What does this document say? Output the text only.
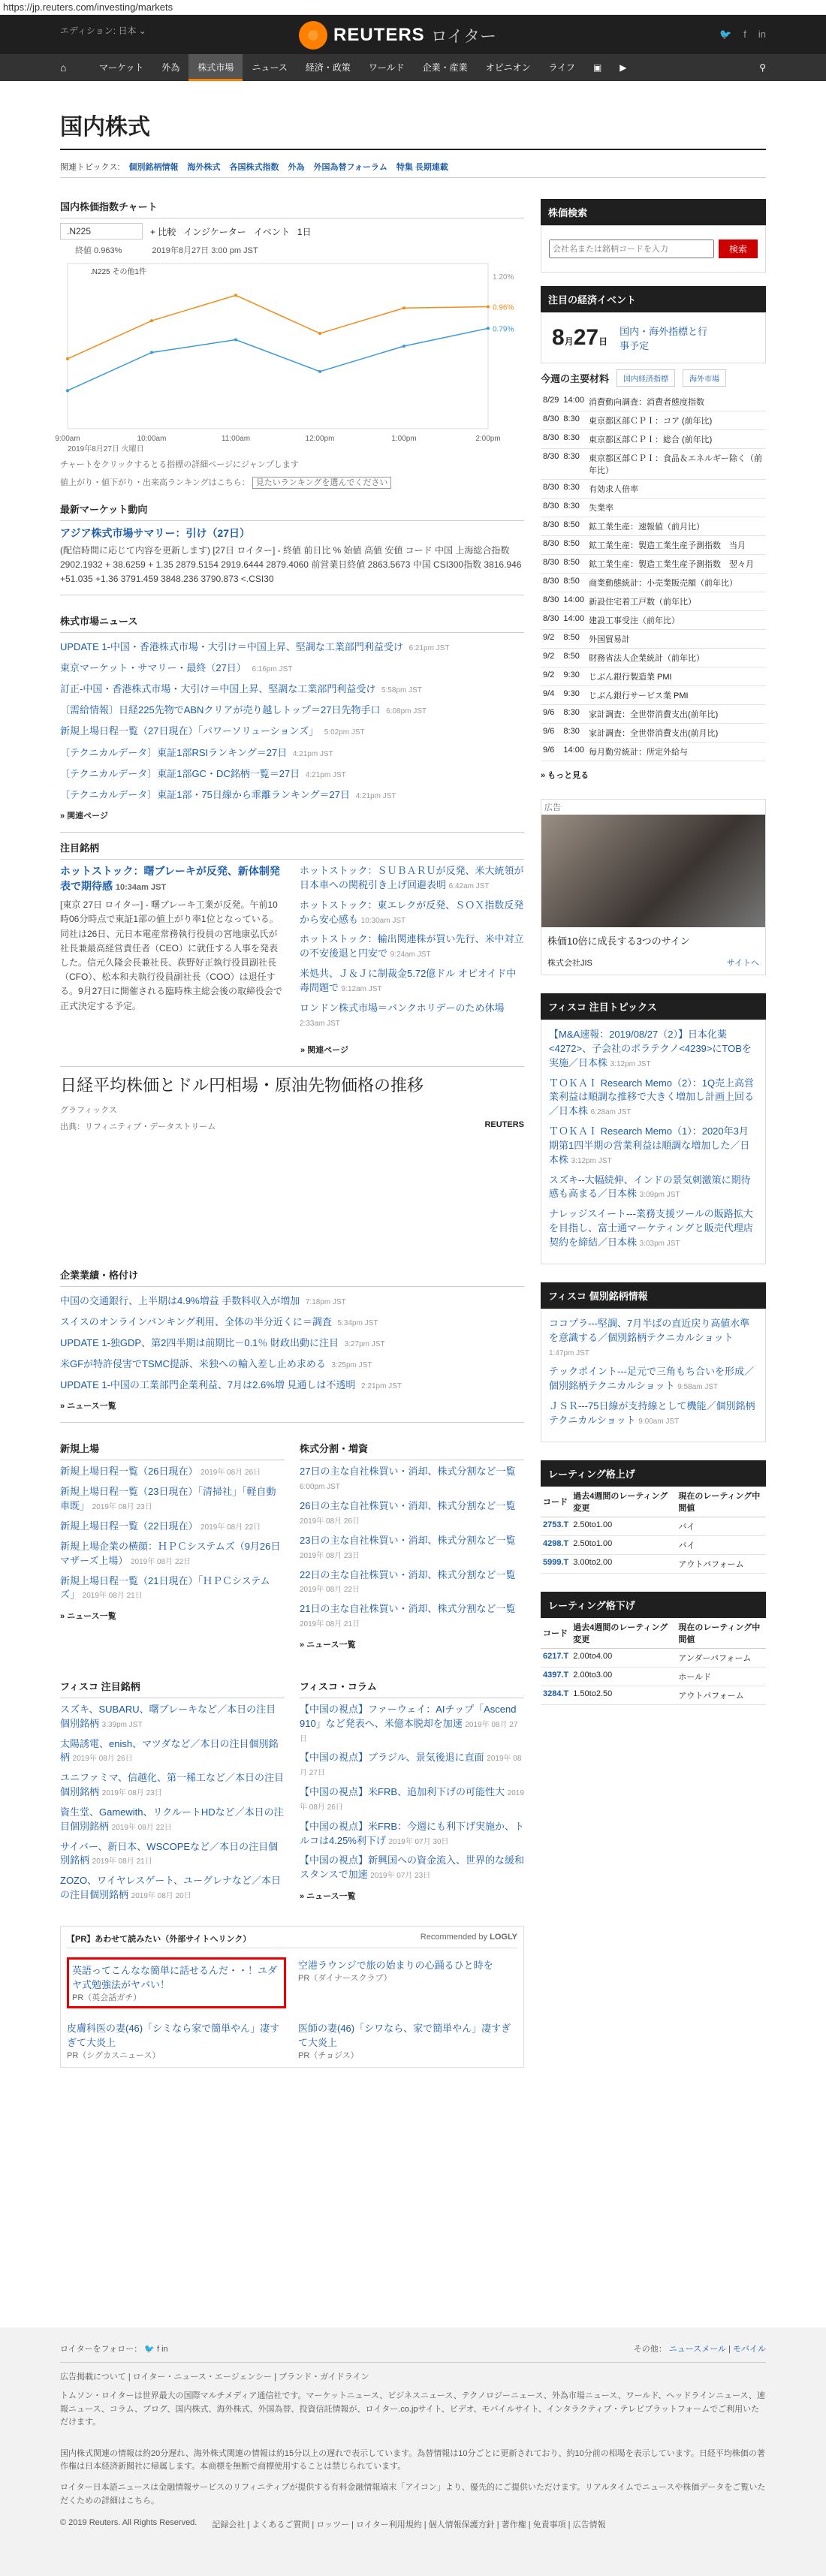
https://jp.reuters.com/investing/markets
エディション: 日本 ⌄	REUTERS ロイター	🐦 f in
⌂	マーケット	外為	株式市場	ニュース	経済・政策	ワールド	企業・産業	オピニオン	ライフ	▣	▶	⚲
国内株式
関連トピックス: 個別銘柄情報 海外株式 各国株式指数 外為 外国為替フォーラム 特集 長期連載
国内株価指数チャート
.N225	+ 比較 インジケーター イベント 1日
終値 0.963%	2019年8月27日 3:00 pm JST
9:00am	10:00am	11:00am	12:00pm	1:00pm	2:00pm
1.20%
0.96%
0.79%
.N225 その他1件
2019年8月27日 火曜日
チャートをクリックするとる指標の詳細ページにジャンプします
値上がり・値下がり・出来高ランキングはこちら： 見たいランキングを選んでください
最新マーケット動向
アジア株式市場サマリー：引け（27日）
(配信時間に応じて内容を更新します) [27日 ロイター] - 終値 前日比 % 始値 高値 安値 コード 中国 上海総合指数 2902.1932 + 38.6259 + 1.35 2879.5154 2919.6444 2879.4060 前営業日終値 2863.5673 中国 CSI300指数 3816.946 +51.035 +1.36 3791.459 3848.236 3790.873 <.CSI30
株式市場ニュース
UPDATE 1-中国・香港株式市場・大引け＝中国上昇、堅調な工業部門利益受け 6:21pm JST
東京マーケット・サマリー・最終（27日） 6:16pm JST
訂正-中国・香港株式市場・大引け＝中国上昇、堅調な工業部門利益受け 5:58pm JST
〔需給情報〕日経225先物でABNクリアが売り越しトップ＝27日先物手口 6:08pm JST
新規上場日程一覧（27日現在）「パワーソリューションズ」 5:02pm JST
〔テクニカルデータ〕東証1部RSIランキング＝27日 4:21pm JST
〔テクニカルデータ〕東証1部GC・DC銘柄一覧＝27日 4:21pm JST
〔テクニカルデータ〕東証1部・75日線から乖離ランキング＝27日 4:21pm JST
» 関連ページ
注目銘柄
ホットストック：曙ブレーキが反発、新体制発表で期待感 10:34am JST
[東京 27日 ロイター] - 曙ブレーキ工業が反発。午前10時06分時点で東証1部の値上がり率1位となっている。同社は26日、元日本電産常務執行役員の宮地康弘氏が社長兼最高経営責任者（CEO）に就任する人事を発表した。信元久隆会長兼社長、荻野好正執行役員副社長（CFO）、松本和夫執行役員副社長（COO）は退任する。9月27日に開催される臨時株主総会後の取締役会で正式決定する予定。
ホットストック：ＳＵＢＡＲＵが反発、米大統領が日本車への関税引き上げ回避表明 6:42am JST
ホットストック：東エレクが反発、ＳＯＸ指数反発から安心感も 10:30am JST
ホットストック：輸出関連株が買い先行、米中対立の不安後退と円安で 9:24am JST
米処共、Ｊ＆Ｊに制裁金5.72億ドル オピオイド中毒問題で 9:12am JST
ロンドン株式市場＝バンクホリデーのため休場 2:33am JST
» 関連ページ
日経平均株価とドル円相場・原油先物価格の推移
グラフィックス
出典：リフィニティブ・データストリーム	REUTERS
企業業績・格付け
中国の交通銀行、上半期は4.9%増益 手数料収入が増加 7:18pm JST
スイスのオンラインバンキング利用、全体の半分近くに＝調査 5:34pm JST
UPDATE 1-独GDP、第2四半期は前期比－0.1％ 財政出動に注目 3:27pm JST
米GFが特許侵害でTSMC提訴、米独への輸入差し止め求める 3:25pm JST
UPDATE 1-中国の工業部門企業利益、7月は2.6%増 見通しは不透明 2:21pm JST
» ニュース一覧
新規上場
新規上場日程一覧（26日現在） 2019年 08月 26日
新規上場日程一覧（23日現在）「清掃社」「軽自動車既」 2019年 08月 23日
新規上場日程一覧（22日現在） 2019年 08月 22日
新規上場企業の横顔：ＨＰＣシステムズ（9月26日マザーズ上場） 2019年 08月 22日
新規上場日程一覧（21日現在）「ＨＰＣシステムズ」 2019年 08月 21日
» ニュース一覧
株式分割・増資
27日の主な自社株買い・消却、株式分割など一覧 6:00pm JST
26日の主な自社株買い・消却、株式分割など一覧 2019年 08月 26日
23日の主な自社株買い・消却、株式分割など一覧 2019年 08月 23日
22日の主な自社株買い・消却、株式分割など一覧 2019年 08月 22日
21日の主な自社株買い・消却、株式分割など一覧 2019年 08月 21日
» ニュース一覧
フィスコ 注目銘柄
スズキ、SUBARU、曙ブレーキなど／本日の注目個別銘柄 3:39pm JST
太陽誘電、enish、マツダなど／本日の注目個別銘柄 2019年 08月 26日
ユニファミマ、信越化、第一稀工など／本日の注目個別銘柄 2019年 08月 23日
資生堂、Gamewith、リクルートHDなど／本日の注目個別銘柄 2019年 08月 22日
サイバー、新日本、WSCOPEなど／本日の注目個別銘柄 2019年 08月 21日
ZOZO、ワイヤレスゲート、ユーグレナなど／本日の注目個別銘柄 2019年 08月 20日
フィスコ・コラム
【中国の視点】ファーウェイ：AIチップ「Ascend 910」など発表へ、米億本脱却を加速 2019年 08月 27日
【中国の視点】ブラジル、景気後退に直面 2019年 08月 27日
【中国の視点】米FRB、追加利下げの可能性大 2019年 08月 26日
【中国の視点】米FRB：今週にも利下げ実施か、トルコは4.25%利下げ 2019年 07月 30日
【中国の視点】新興国への資金流入、世界的な緩和スタンスで加速 2019年 07月 23日
» ニュース一覧
【PR】あわせて読みたい（外部サイトへリンク）	Recommended by LOGLY
英語ってこんなな簡単に話せるんだ・・！ユダヤ式勉強法がヤバい！
PR（英会話ガチ）
空港ラウンジで旅の始まりの心踊るひと時を
PR（ダイナースクラブ）
皮膚科医の妻(46)「シミなら家で簡単やん」凄すぎて大炎上
PR（シグカスニュース）
医師の妻(46)「シワなら、家で簡単やん」凄すぎて大炎上
PR（チョジス）
株価検索
会社名または銘柄コードを入力
検索
注目の経済イベント
8月27日
国内・海外指標と行事予定
今週の主要材料	国内経済指標	海外市場
8/29	14:00	消費動向調査：消費者態度指数
8/30	8:30	東京都区部ＣＰＩ：コア (前年比)
8/30	8:30	東京都区部ＣＰＩ：総合 (前年比)
8/30	8:30	東京都区部ＣＰＩ：食品＆エネルギー除く（前年比）
8/30	8:30	有効求人倍率
8/30	8:30	失業率
8/30	8:50	鉱工業生産：速報値（前月比）
8/30	8:50	鉱工業生産：製造工業生産予測指数　当月
8/30	8:50	鉱工業生産：製造工業生産予測指数　翌々月
8/30	8:50	商業動態統計：小売業販売額（前年比）
8/30	14:00	新設住宅着工戸数（前年比）
8/30	14:00	建設工事受注（前年比）
9/2	8:50	外国貿易計
9/2	8:50	財務省法人企業統計（前年比）
9/2	9:30	じぶん銀行製造業 PMI
9/4	9:30	じぶん銀行サービス業 PMI
9/6	8:30	家計調査：全世帯消費支出(前年比)
9/6	8:30	家計調査：全世帯消費支出(前月比)
9/6	14:00	毎月勤労統計：所定外給与
» もっと見る
広告
株価10倍に成長する3つのサイン
株式会社JIS	サイトへ
フィスコ 注目トピックス
【M&A速報：2019/08/27（2）】日本化薬<4272>、子会社のポラテクノ<4239>にTOBを実施／日本株 3:12pm JST
ＴＯＫＡＩ Research Memo（2）：1Q売上高営業利益は順調な推移で大きく増加し計画上回る／日本株 6:28am JST
ＴＯＫＡＩ Research Memo（1）：2020年3月期第1四半期の営業利益は順調な増加した／日本株 3:12pm JST
スズキ--大幅続伸、インドの景気刺激策に期待感も高まる／日本株 3:09pm JST
ナレッジスイート---業務支援ツールの販路拡大を目指し、富士通マーケティングと販売代理店契約を締結／日本株 3:03pm JST
フィスコ 個別銘柄情報
ココプラ---堅調、7月半ばの直近戻り高値水準を意識する／個別銘柄テクニカルショット 1:47pm JST
テックポイント---足元で三角もち合いを形成／個別銘柄テクニカルショット 9:58am JST
ＪＳＲ---75日線が支持線として機能／個別銘柄テクニカルショット 9:00am JST
レーティング格上げ
コード	過去4週間のレーティング変更	現在のレーティング中間値
2753.T	2.50to1.00	バイ
4298.T	2.50to1.00	バイ
5999.T	3.00to2.00	アウトパフォーム
レーティング格下げ
コード	過去4週間のレーティング変更	現在のレーティング中間値
6217.T	2.00to4.00	アンダーパフォーム
4397.T	2.00to3.00	ホールド
3284.T	1.50to2.50	アウトパフォーム
ロイターをフォロー： 🐦 f in	その他： ニュースメール | モバイル
広告掲載について | ロイター・ニュース・エージェンシー | ブランド・ガイドライン
トムソン・ロイターは世界最大の国際マルチメディア通信社です。マーケットニュース、ビジネスニュース、テクノロジーニュース、外為市場ニュース、ワールド、ヘッドラインニュース、速報ニュース、コラム、ブログ、国内株式、海外株式、外国為替、投資信託情報が、ロイター.co.jpサイト、ビデオ、モバイルサイト、インタラクティブ・テレビプラットフォームでご利用いただけます。
国内株式関連の情報は約20分遅れ、海外株式関連の情報は約15分以上の遅れで表示しています。為替情報は10分ごとに更新されており、約10分前の相場を表示しています。日経平均株価の著作権は日本経済新聞社に帰属します。本商標を無断で商標使用することは禁じられています。
ロイター日本語ニュースは金融情報サービスのリフィニティブが提供する有料金融情報端末「アイコン」より、優先的にご提供いただけます。リアルタイムでニュースや株価データをご覧いただくための詳細はこちら。
© 2019 Reuters. All Rights Reserved. 記録会社 | よくあるご質問 | ロッツー | ロイター利用規約 | 個人情報保護方針 | 著作権 | 免責事項 | 広告情報
